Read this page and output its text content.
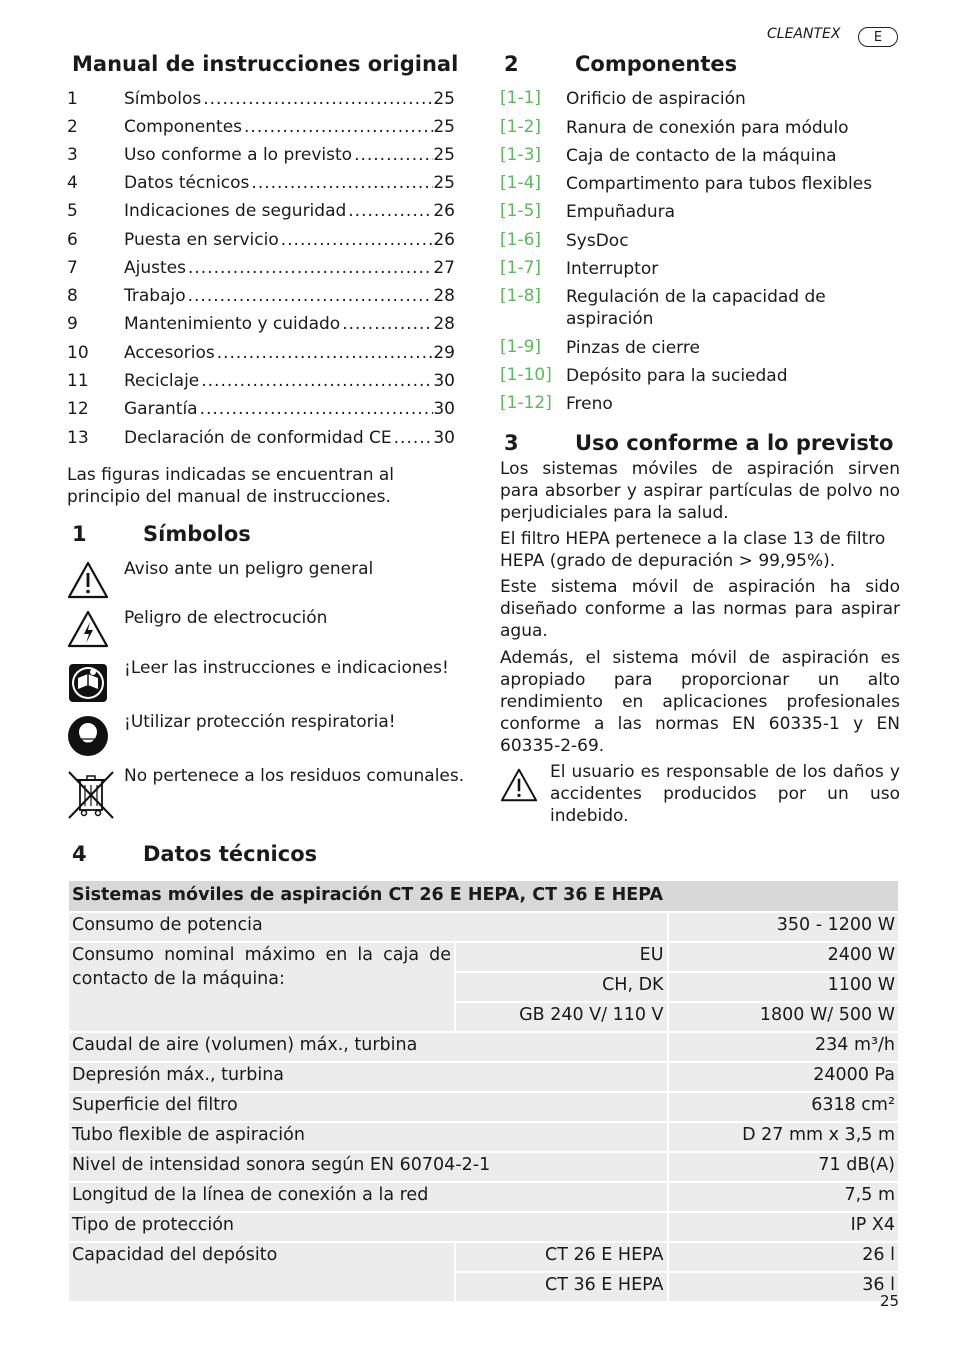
CLEANTEX	E
Manual de instrucciones original
1	Símbolos .....	25
2	Componentes .....	25
3	Uso conforme a lo previsto .....	25
4	Datos técnicos .....	25
5	Indicaciones de seguridad .....	26
6	Puesta en servicio .....	26
7	Ajustes .....	27
8	Trabajo .....	28
9	Mantenimiento y cuidado .....	28
10 Accesorios .....	29
11 Reciclaje .....	30
12 Garantía .....	30
13 Declaración de conformidad CE ..... 30
Las figuras indicadas se encuentran al principio del manual de instrucciones.
1	Símbolos
Aviso ante un peligro general
Peligro de electrocución
¡Leer las instrucciones e indicaciones!
¡Utilizar protección respiratoria!
No pertenece a los residuos comunales.
2	Componentes
[1-1] Orificio de aspiración
[1-2] Ranura de conexión para módulo
[1-3] Caja de contacto de la máquina
[1-4] Compartimento para tubos flexibles
[1-5] Empuñadura
[1-6] SysDoc
[1-7] Interruptor
[1-8] Regulación de la capacidad de aspiración
[1-9] Pinzas de cierre
[1-10] Depósito para la suciedad
[1-12] Freno
3	Uso conforme a lo previsto
Los sistemas móviles de aspiración sirven para absorber y aspirar partículas de polvo no perjudiciales para la salud.
El filtro HEPA pertenece a la clase 13 de filtro HEPA (grado de depuración > 99,95%).
Este sistema móvil de aspiración ha sido diseñado conforme a las normas para aspirar agua.
Además, el sistema móvil de aspiración es apropiado para proporcionar un alto rendimiento en aplicaciones profesionales conforme a las normas EN 60335-1 y EN 60335-2-69.
El usuario es responsable de los daños y accidentes producidos por un uso indebido.
4	Datos técnicos
Sistemas móviles de aspiración CT 26 E HEPA, CT 36 E HEPA		
Consumo de potencia		350 - 1200 W
Consumo nominal máximo en la caja de contacto de la máquina:	EU	2400 W
	CH, DK	1100 W
	GB 240 V/ 110 V	1800 W/ 500 W
Caudal de aire (volumen) máx., turbina		234 m³/h
Depresión máx., turbina		24000 Pa
Superficie del filtro		6318 cm²
Tubo flexible de aspiración		D 27 mm x 3,5 m
Nivel de intensidad sonora según EN 60704-2-1		71 dB(A)
Longitud de la línea de conexión a la red		7,5 m
Tipo de protección		IP X4
Capacidad del depósito	CT 26 E HEPA	26 l
	CT 36 E HEPA	36 l
25
